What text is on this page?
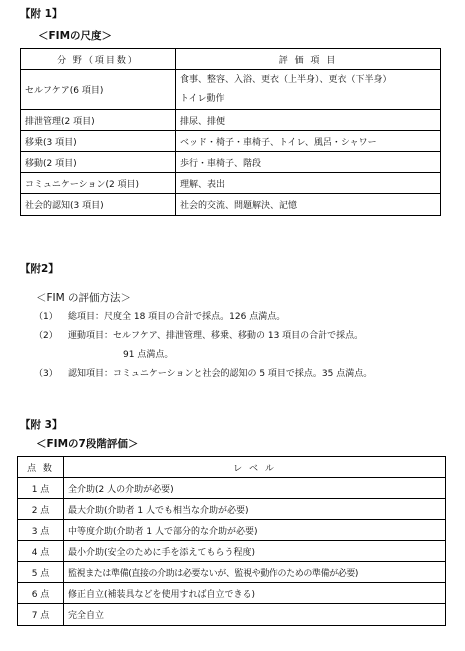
【附 1】
＜FIMの尺度＞
分 野（項目数）	評 価 項 目
セルフケア(6 項目)	食事、整容、入浴、更衣（上半身）、更衣（下半身）
トイレ動作

排泄管理(2 項目)	排尿、排便
移乗(3 項目)	ベッド・椅子・車椅子、トイレ、風呂・シャワー
移動(2 項目)	歩行・車椅子、階段
コミュニケーション(2 項目)	理解、表出
社会的認知(3 項目)	社会的交流、問題解決、記憶
【附2】
＜FIM の評価方法＞
（1） 総項目：尺度全 18 項目の合計で採点。126 点満点。
（2） 運動項目：セルフケア、排泄管理、移乗、移動の 13 項目の合計で採点。
91 点満点。
（3） 認知項目：コミュニケーションと社会的認知の 5 項目で採点。35 点満点。
【附 3】
＜FIMの7段階評価＞
点 数	レ ベ ル
1 点	全介助(2 人の介助が必要)
2 点	最大介助(介助者 1 人でも相当な介助が必要)
3 点	中等度介助(介助者 1 人で部分的な介助が必要)
4 点	最小介助(安全のために手を添えてもらう程度)
5 点	監視または準備(直接の介助は必要ないが、監視や動作のための準備が必要)
6 点	修正自立(補装具などを使用すれば自立できる)
7 点	完全自立
